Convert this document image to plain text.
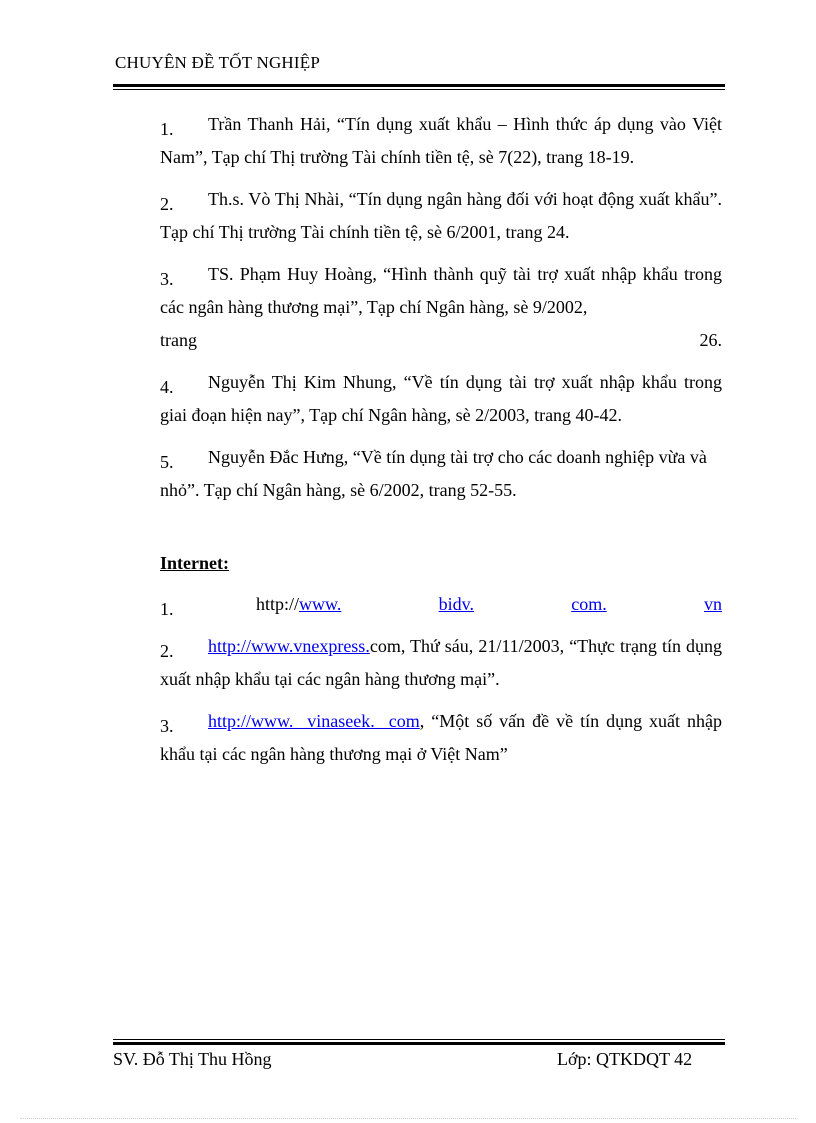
CHUYÊN ĐỀ TỐT NGHIỆP

1. Trần Thanh Hải, “Tín dụng xuất khẩu – Hình thức áp dụng vào Việt Nam”, Tạp chí Thị trường Tài chính tiền tệ, sè 7(22), trang 18-19.

2. Th.s. Vò Thị Nhài, “Tín dụng ngân hàng đối với hoạt động xuất khẩu”. Tạp chí Thị trường Tài chính tiền tệ, sè 6/2001, trang 24.

3. TS. Phạm Huy Hoàng, “Hình thành quỹ tài trợ xuất nhập khẩu trong các ngân hàng thương mại”, Tạp chí Ngân hàng, sè 9/2002,

trang	26.

4. Nguyễn Thị Kim Nhung, “Về tín dụng tài trợ xuất nhập khẩu trong giai đoạn hiện nay”, Tạp chí Ngân hàng, sè 2/2003, trang 40-42.

5. Nguyễn Đắc Hưng, “Về tín dụng tài trợ cho các doanh nghiệp vừa và nhỏ”. Tạp chí Ngân hàng, sè 6/2002, trang 52-55.

Internet:
1.	http:// www.	bidv.	com.	vn

2. http://www.vnexpress.com, Thứ sáu, 21/11/2003, “Thực trạng tín dụng xuất nhập khẩu tại các ngân hàng thương mại”.

3. http://www.  vinaseek.  com, “Một số vấn đề về tín dụng xuất nhập khẩu tại các ngân hàng thương mại ở Việt Nam”

SV. Đỗ Thị Thu Hồng	Lớp: QTKDQT 42
